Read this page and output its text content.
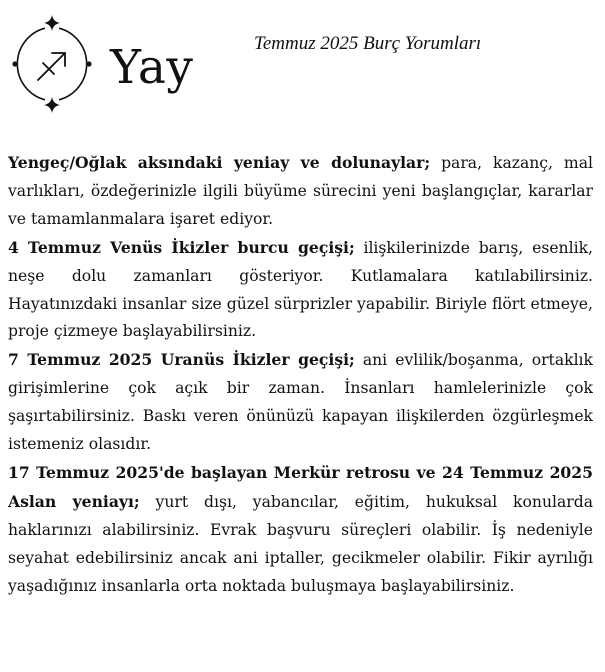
Yay	Temmuz 2025 Burç Yorumları

Yengeç/Oğlak aksındaki yeniay ve dolunaylar; para, kazanç, mal varlıkları, özdeğerinizle ilgili büyüme sürecini yeni başlangıçlar, kararlar ve tamamlanmalara işaret ediyor.

4 Temmuz Venüs İkizler burcu geçişi; ilişkilerinizde barış, esenlik, neşe dolu zamanları gösteriyor. Kutlamalara katılabilirsiniz. Hayatınızdaki insanlar size güzel sürprizler yapabilir. Biriyle flört etmeye, proje çizmeye başlayabilirsiniz.

7 Temmuz 2025 Uranüs İkizler geçişi; ani evlilik/boşanma, ortaklık girişimlerine çok açık bir zaman. İnsanları hamlelerinizle çok şaşırtabilirsiniz. Baskı veren önünüzü kapayan ilişkilerden özgürleşmek istemeniz olasıdır.

17 Temmuz 2025'de başlayan Merkür retrosu ve 24 Temmuz 2025 Aslan yeniayı; yurt dışı, yabancılar, eğitim, hukuksal konularda haklarınızı alabilirsiniz. Evrak başvuru süreçleri olabilir. İş nedeniyle seyahat edebilirsiniz ancak ani iptaller, gecikmeler olabilir. Fikir ayrılığı yaşadığınız insanlarla orta noktada buluşmaya başlayabilirsiniz.
